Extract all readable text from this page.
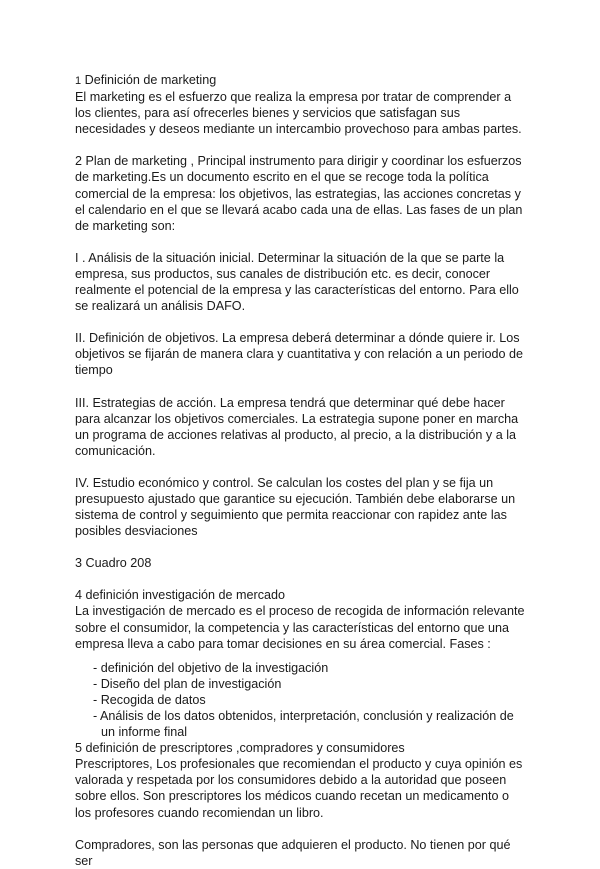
1 Definición de marketing

El marketing es el esfuerzo que realiza la empresa por tratar de comprender a los clientes, para así ofrecerles bienes y servicios que satisfagan sus necesidades y deseos mediante un intercambio provechoso para ambas partes.

2 Plan de marketing , Principal instrumento para dirigir y coordinar los esfuerzos de marketing.Es un documento escrito en el que se recoge toda la política comercial de la empresa: los objetivos, las estrategias, las acciones concretas y el calendario en el que se llevará acabo cada una de ellas. Las fases de un plan de marketing son:

I . Análisis de la situación inicial. Determinar la situación de la que se parte la empresa, sus productos, sus canales de distribución etc. es decir, conocer realmente el potencial de la empresa y las características del entorno. Para ello se realizará un análisis DAFO.

II. Definición de objetivos. La empresa deberá determinar a dónde quiere ir. Los objetivos se fijarán de manera clara y cuantitativa y con relación a un periodo de tiempo

III. Estrategias de acción. La empresa tendrá que determinar qué debe hacer para alcanzar los objetivos comerciales. La estrategia supone poner en marcha un programa de acciones relativas al producto, al precio, a la distribución y a la comunicación.

IV. Estudio económico y control. Se calculan los costes del plan y se fija un presupuesto ajustado que garantice su ejecución. También debe elaborarse un sistema de control y seguimiento que permita reaccionar con rapidez ante las posibles desviaciones

3 Cuadro 208

4 definición investigación de mercado

La investigación de mercado es el proceso de recogida de información relevante sobre el consumidor, la competencia y las características del entorno que una empresa lleva a cabo para tomar decisiones en su área comercial. Fases :

- definición del objetivo de la investigación
- Diseño del plan de investigación
- Recogida de datos
- Análisis de los datos obtenidos, interpretación, conclusión y realización de un informe final

5 definición de prescriptores ,compradores y consumidores

Prescriptores, Los profesionales que recomiendan el producto y cuya opinión es valorada y respetada por los consumidores debido a la autoridad que poseen sobre ellos. Son prescriptores los médicos cuando recetan un medicamento o los profesores cuando recomiendan un libro.

Compradores, son las personas que adquieren el producto. No tienen por qué ser
